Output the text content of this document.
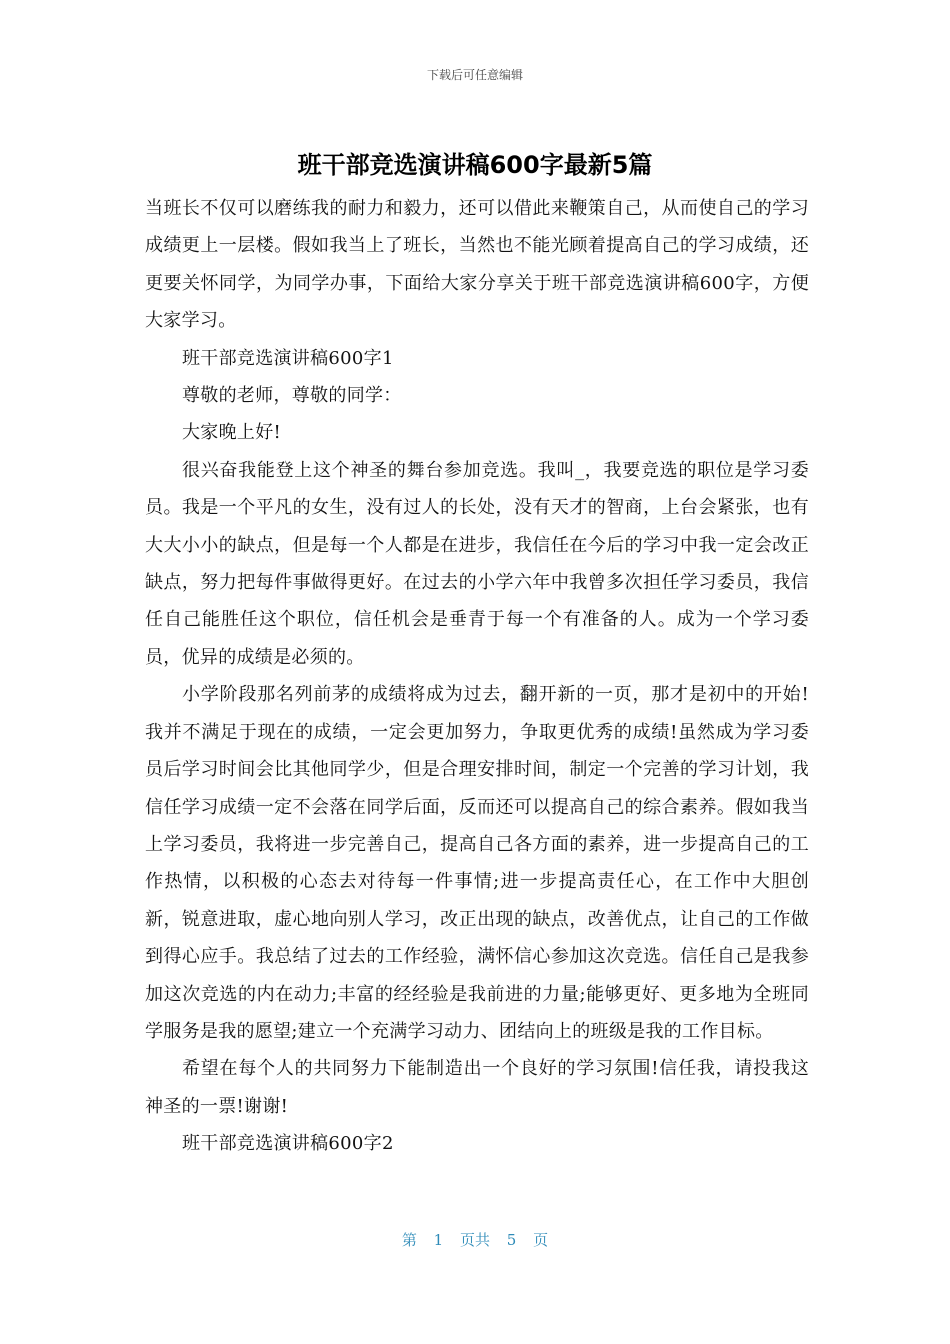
下载后可任意编辑
班干部竞选演讲稿600字最新5篇

当班长不仅可以磨练我的耐力和毅力，还可以借此来鞭策自己，从而使自己的学习成绩更上一层楼。假如我当上了班长，当然也不能光顾着提高自己的学习成绩，还更要关怀同学，为同学办事，下面给大家分享关于班干部竞选演讲稿600字，方便大家学习。

班干部竞选演讲稿600字1

尊敬的老师，尊敬的同学：

大家晚上好!

很兴奋我能登上这个神圣的舞台参加竞选。我叫_，我要竞选的职位是学习委员。我是一个平凡的女生，没有过人的长处，没有天才的智商，上台会紧张，也有大大小小的缺点，但是每一个人都是在进步，我信任在今后的学习中我一定会改正缺点，努力把每件事做得更好。在过去的小学六年中我曾多次担任学习委员，我信任自己能胜任这个职位，信任机会是垂青于每一个有准备的人。成为一个学习委员，优异的成绩是必须的。

小学阶段那名列前茅的成绩将成为过去，翻开新的一页，那才是初中的开始!我并不满足于现在的成绩，一定会更加努力，争取更优秀的成绩!虽然成为学习委员后学习时间会比其他同学少，但是合理安排时间，制定一个完善的学习计划，我信任学习成绩一定不会落在同学后面，反而还可以提高自己的综合素养。假如我当上学习委员，我将进一步完善自己，提高自己各方面的素养，进一步提高自己的工作热情，以积极的心态去对待每一件事情;进一步提高责任心，在工作中大胆创新，锐意进取，虚心地向别人学习，改正出现的缺点，改善优点，让自己的工作做到得心应手。我总结了过去的工作经验，满怀信心参加这次竞选。信任自己是我参加这次竞选的内在动力;丰富的经经验是我前进的力量;能够更好、更多地为全班同学服务是我的愿望;建立一个充满学习动力、团结向上的班级是我的工作目标。

希望在每个人的共同努力下能制造出一个良好的学习氛围!信任我，请投我这神圣的一票!谢谢!

班干部竞选演讲稿600字2

第 1 页共 5 页
